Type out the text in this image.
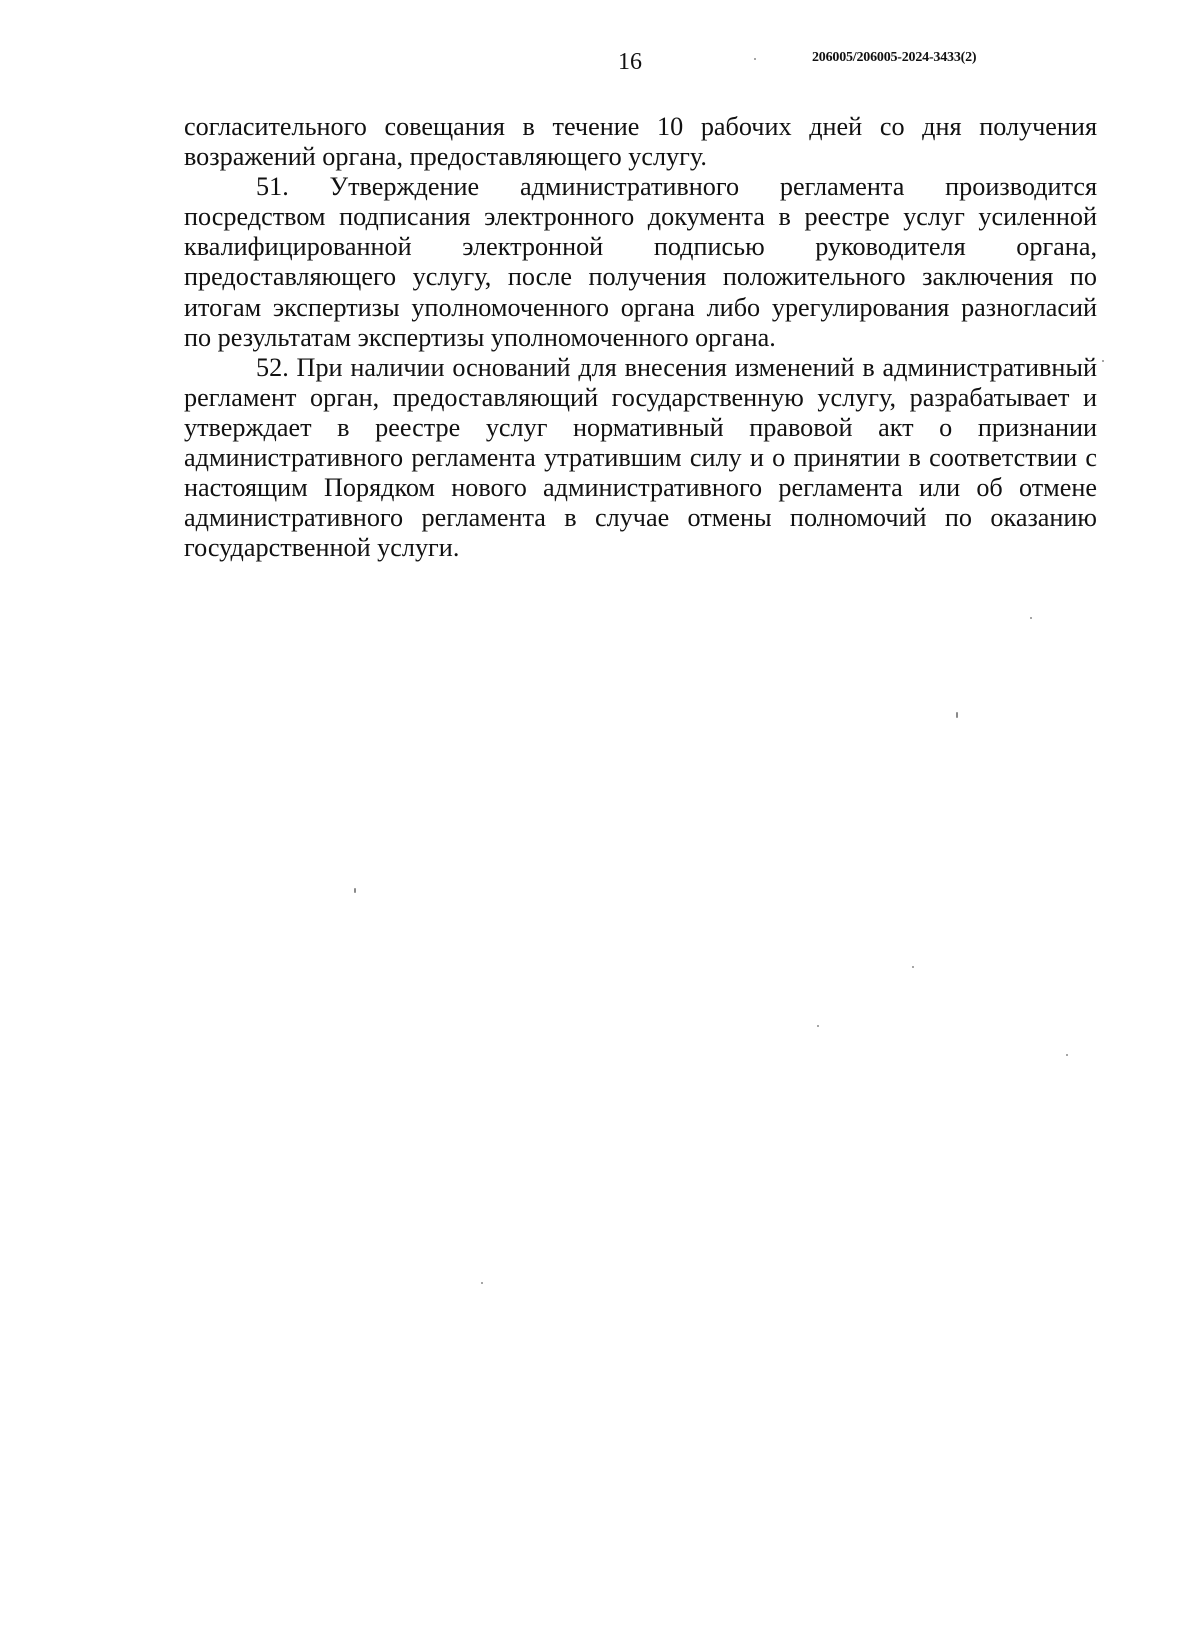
16	206005/206005-2024-3433(2)

согласительного совещания в течение 10 рабочих дней со дня получения возражений органа, предоставляющего услугу.

51. Утверждение административного регламента производится посредством подписания электронного документа в реестре услуг усиленной квалифицированной электронной подписью руководителя органа, предоставляющего услугу, после получения положительного заключения по итогам экспертизы уполномоченного органа либо урегулирования разногласий по результатам экспертизы уполномоченного органа.

52. При наличии оснований для внесения изменений в административный регламент орган, предоставляющий государственную услугу, разрабатывает и утверждает в реестре услуг нормативный правовой акт о признании административного регламента утратившим силу и о принятии в соответствии с настоящим Порядком нового административного регламента или об отмене административного регламента в случае отмены полномочий по оказанию государственной услуги.
